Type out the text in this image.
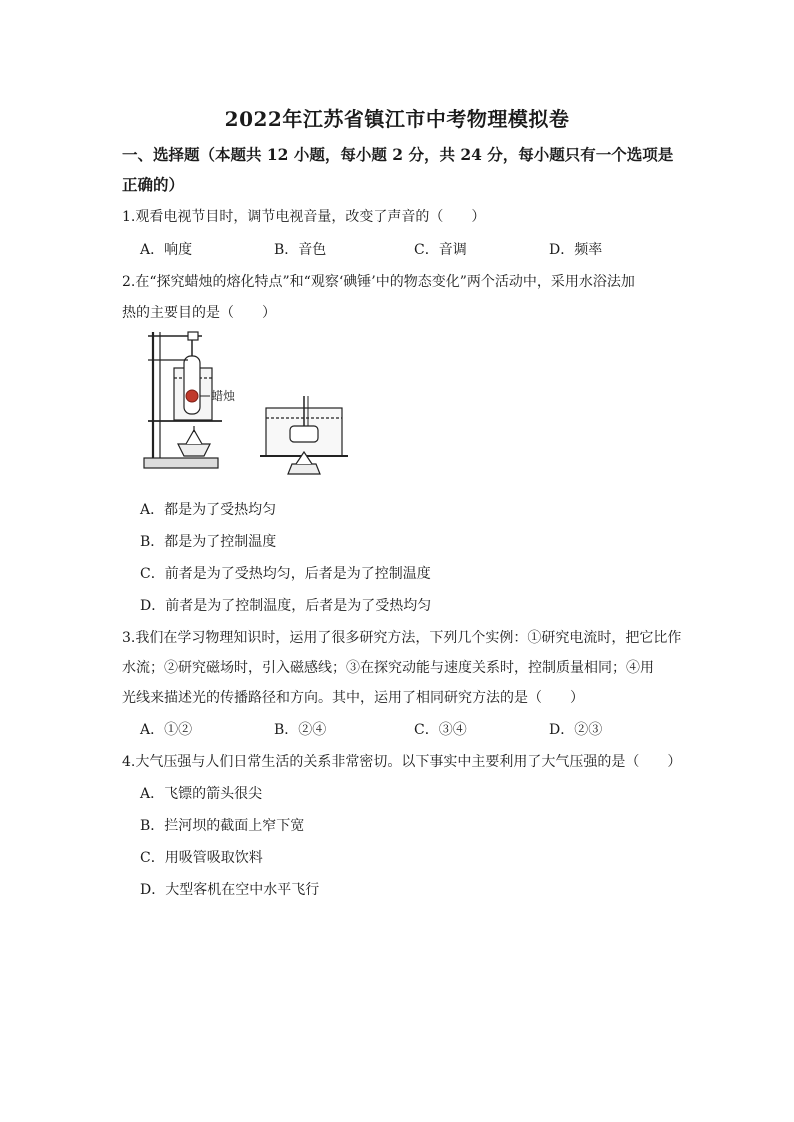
2022年江苏省镇江市中考物理模拟卷
一、选择题（本题共 12 小题，每小题 2 分，共 24 分，每小题只有一个选项是
正确的）
1.观看电视节目时，调节电视音量，改变了声音的（　　）
A．响度	B．音色	C．音调	D．频率
2.在“探究蜡烛的熔化特点”和“观察‘碘锤’中的物态变化”两个活动中，采用水浴法加
热的主要目的是（　　）
蜡烛
A．都是为了受热均匀
B．都是为了控制温度
C．前者是为了受热均匀，后者是为了控制温度
D．前者是为了控制温度，后者是为了受热均匀
3.我们在学习物理知识时，运用了很多研究方法，下列几个实例：①研究电流时，把它比作
水流；②研究磁场时，引入磁感线；③在探究动能与速度关系时，控制质量相同；④用
光线来描述光的传播路径和方向。其中，运用了相同研究方法的是（　　）
A．①②	B．②④	C．③④	D．②③
4.大气压强与人们日常生活的关系非常密切。以下事实中主要利用了大气压强的是（　　）
A．飞镖的箭头很尖
B．拦河坝的截面上窄下宽
C．用吸管吸取饮料
D．大型客机在空中水平飞行
